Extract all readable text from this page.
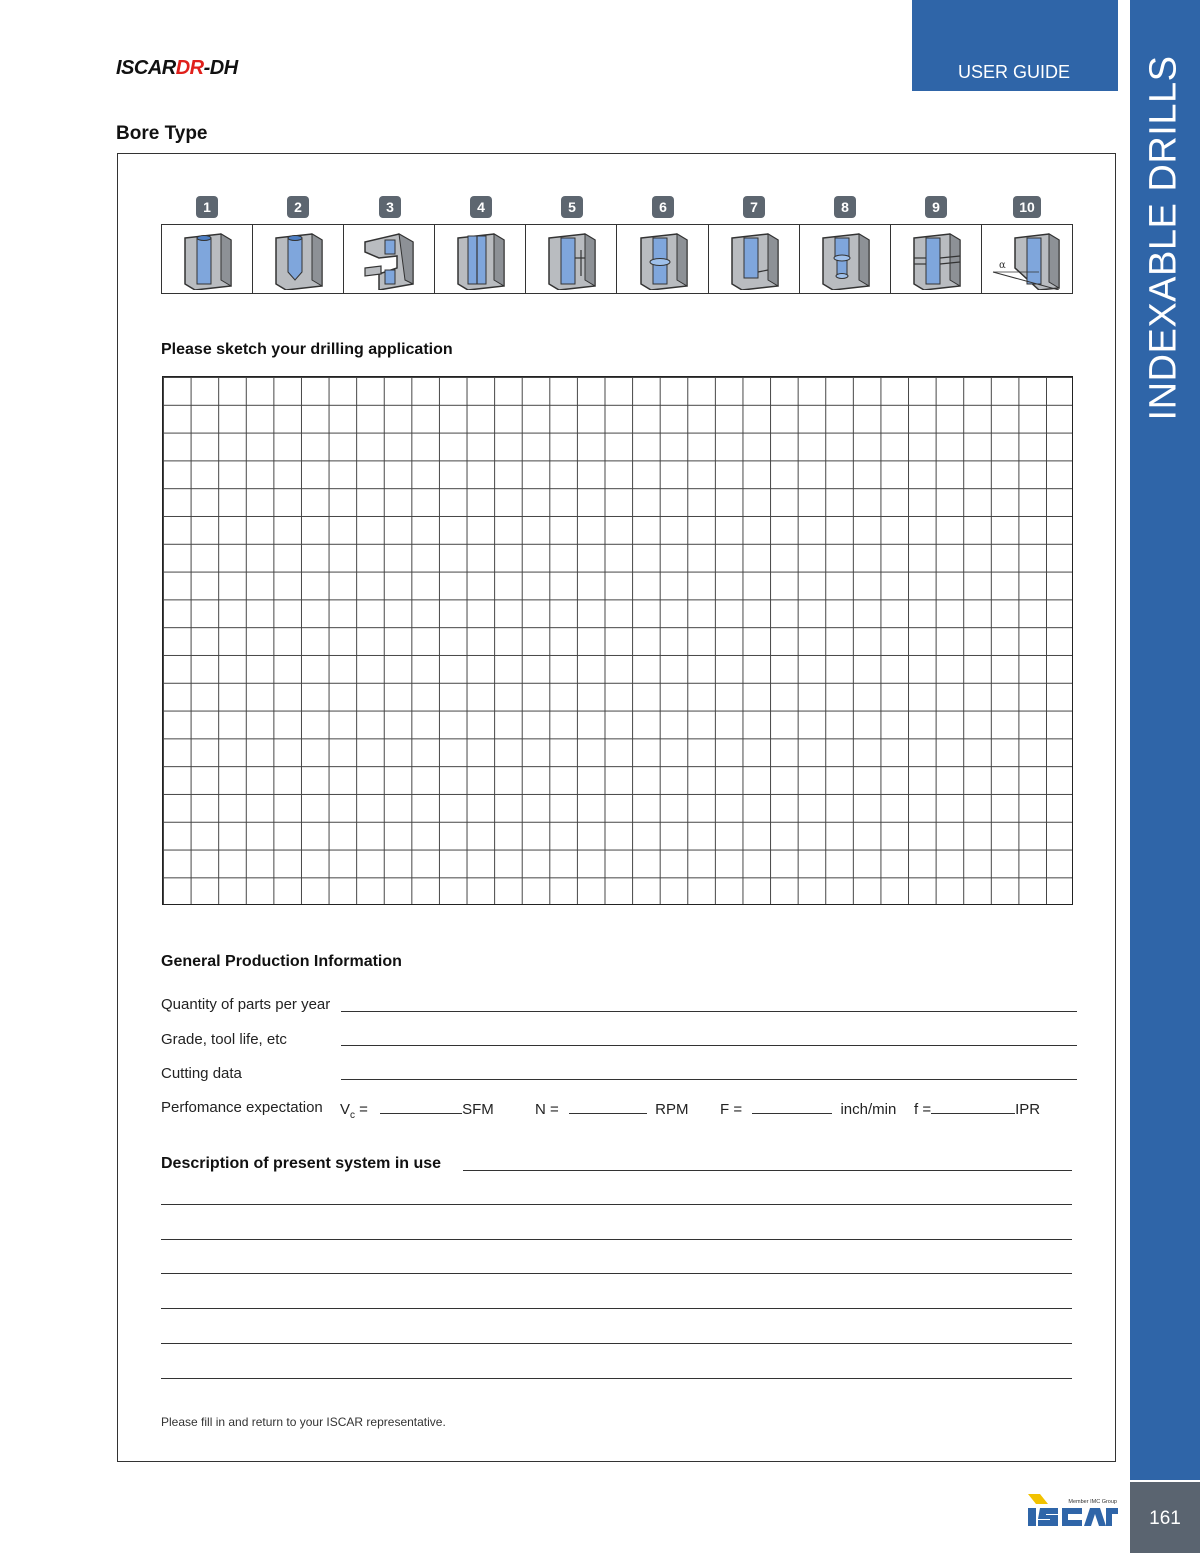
ISCARDR-DH	USER GUIDE INDEXABLE DRILLS
Bore Type
1	2	3	4	5	6	7	8	9	10
α
Please sketch your drilling application
General Production Information
Quantity of parts per year
Grade, tool life, etc
Cutting data
Perfomance expectation $V_c$ =	SFM	N =	RPM F =	inch/min f =	IPR
Description of present system in use
Please fill in and return to your ISCAR representative.
Member IMC Group
161
